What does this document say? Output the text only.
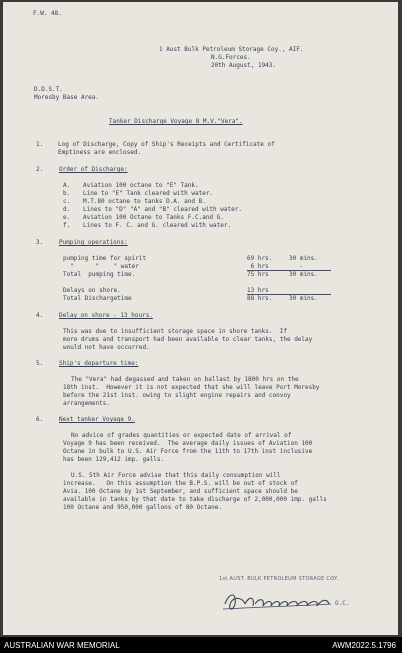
F.W. 48.
1 Aust Bulk Petroleum Storage Coy., AIF.
N.G.Forces.
20th August, 1943.
D.D.S.T.
Moresby Base Area.
Tanker Discharge Voyage 8 M.V."Vera".
1. Log of Discharge, Copy of Ship's Receipts and Certificate of
Emptiness are enclosed.
2.	Order of Discharge:
A. Aviation 100 octane to "E" Tank.
b. Line to "E" Tank cleared with water.
c. M.T.80 octane to tanks D.A. and B.
d. Lines to "D" "A" and "B" cleared with water.
e. Aviation 100 Octane to Tanks F.C.and G.
f. Lines to F. C. and G. cleared with water.
3.	Pumping operations:
pumping time for spirit	69 hrs.	30 mins.
"      "    " water	6 hrs	-
Total  pumping time.	75 hrs	30 mins.
Delays on shore.	13 hrs
Total Dischargetime	88 hrs.	30 mins.
4.	Delay on shore - 13 hours.
This was due to insufficient storage space in shore tanks.  If
more drums and transport had been available to clear tanks, the delay
would not have occurred.
5.	Ship's departure time:
The "Vera" had degassed and taken on ballast by 1800 hrs on the
18th inst.  However it is not expected that she will leave Port Moresby
before the 21st inst. owing to slight engine repairs and convoy
arrangements.
6.	Next tanker Voyage 9.
No advice of grades quantities or expected date of arrival of
Voyage 9 has been received.  The average daily issues of Aviation 100
Octane in bulk to U.S. Air Force from the 11th to 17th inst inclusive
has been 129,412 imp. galls.
U.S. 5th Air Force advise that this daily consumption will
increase.   On this assumption the B.P.S. will be out of stock of
Avia. 100 Octane by 1st September, and sufficient space should be
available in tanks by that date to take discharge of 2,000,000 imp. galls
100 Octane and 950,000 gallons of 80 Octane.
1st AUST. BULK PETROLEUM STORAGE COY.
O.C.
AUSTRALIAN WAR MEMORIAL	AWM2022.5.1796
